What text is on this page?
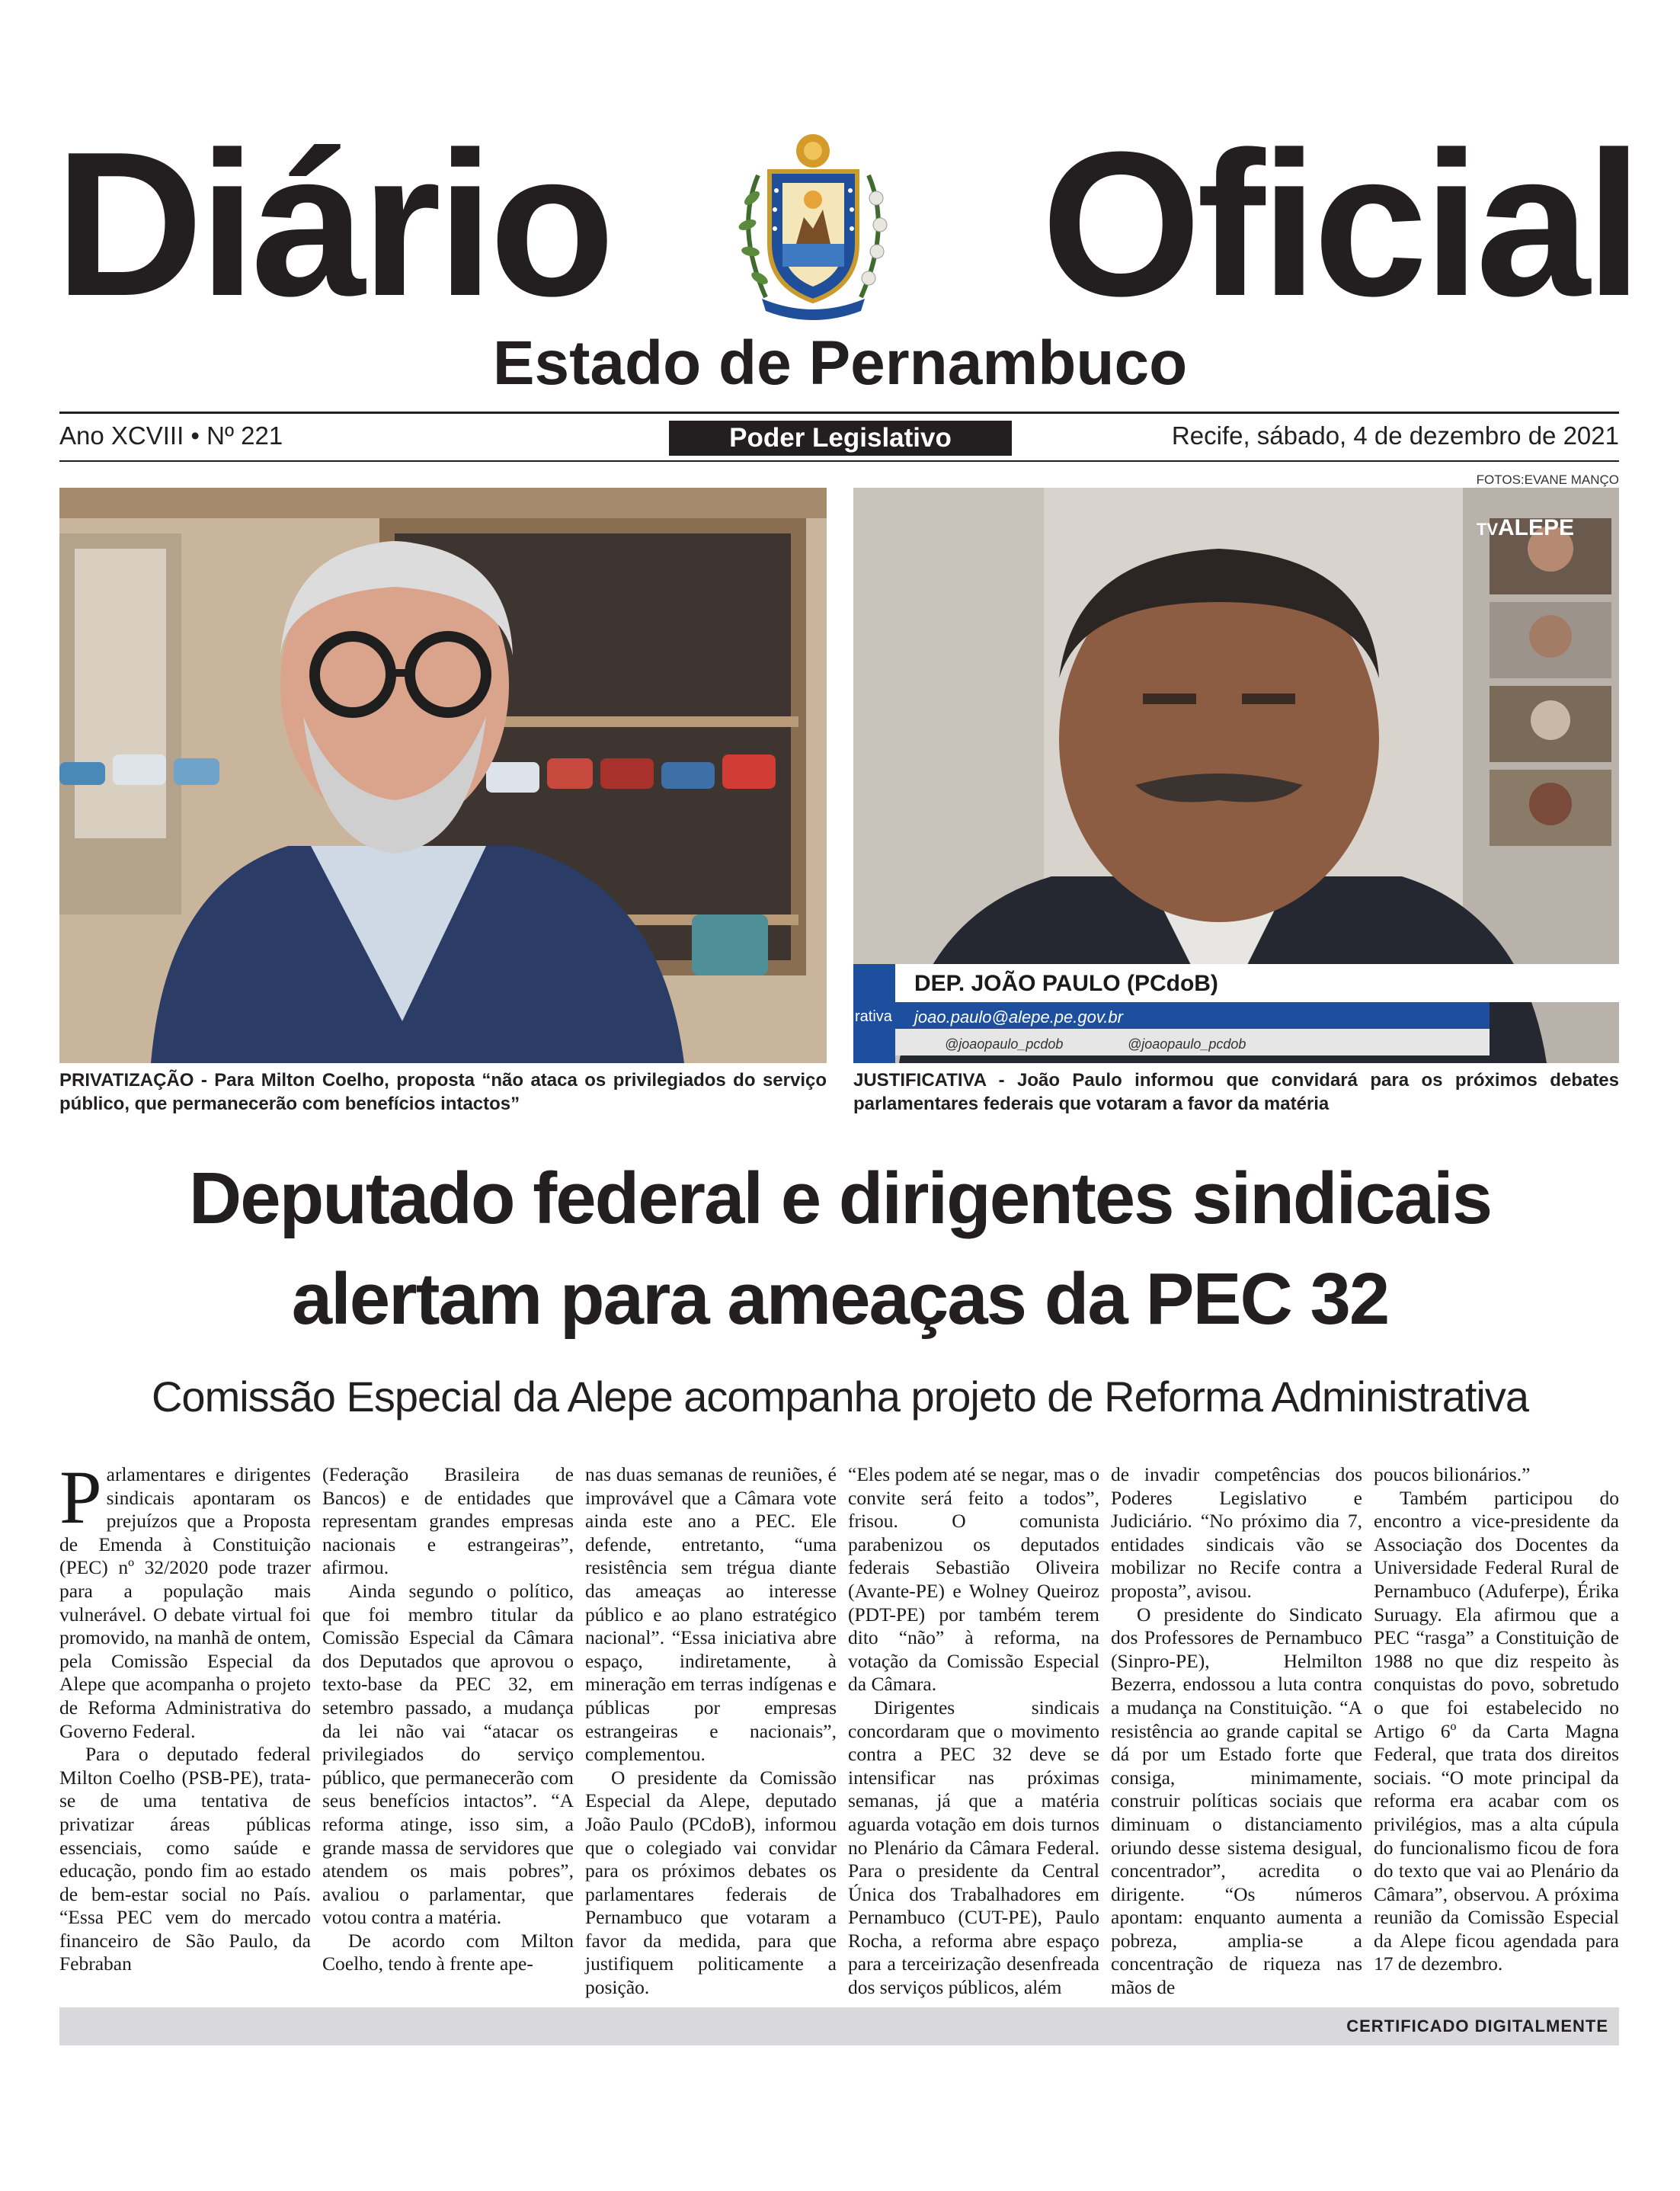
Diário	Oficial
Estado de Pernambuco
Ano XCVIII • Nº 221	Poder Legislativo	Recife, sábado, 4 de dezembro de 2021
FOTOS:EVANE MANÇO
DEP. JOÃO PAULO (PCdoB)
joao.paulo@alepe.pe.gov.br
@joaopaulo_pcdob	@joaopaulo_pcdob
rativa
TV ALEPE
PRIVATIZAÇÃO - Para Milton Coelho, proposta “não ataca os privilegiados do serviço público, que permanecerão com benefícios intactos”
JUSTIFICATIVA - João Paulo informou que convidará para os próximos debates parlamentares federais que votaram a favor da matéria
Deputado federal e dirigentes sindicais
alertam para ameaças da PEC 32
Comissão Especial da Alepe acompanha projeto de Reforma Administrativa

Parlamentares e dirigentes sindicais apontaram os prejuízos que a Proposta de Emenda à Constituição (PEC) nº 32/2020 pode trazer para a população mais vulnerável. O debate virtual foi promovido, na manhã de ontem, pela Comissão Especial da Alepe que acompanha o projeto de Reforma Administrativa do Governo Federal.

Para o deputado federal Milton Coelho (PSB-PE), trata-se de uma tentativa de privatizar áreas públicas essenciais, como saúde e educação, pondo fim ao estado de bem-estar social no País. “Essa PEC vem do mercado financeiro de São Paulo, da Febraban

(Federação Brasileira de Bancos) e de entidades que representam grandes empresas nacionais e estrangeiras”, afirmou.

Ainda segundo o político, que foi membro titular da Comissão Especial da Câmara dos Deputados que aprovou o texto-base da PEC 32, em setembro passado, a mudança da lei não vai “atacar os privilegiados do serviço público, que permanecerão com seus benefícios intactos”. “A reforma atinge, isso sim, a grande massa de servidores que atendem os mais pobres”, avaliou o parlamentar, que votou contra a matéria.

De acordo com Milton Coelho, tendo à frente ape-

nas duas semanas de reuniões, é improvável que a Câmara vote ainda este ano a PEC. Ele defende, entretanto, “uma resistência sem trégua diante das ameaças ao interesse público e ao plano estratégico nacional”. “Essa iniciativa abre espaço, indiretamente, à mineração em terras indígenas e públicas por empresas estrangeiras e nacionais”, complementou.

O presidente da Comissão Especial da Alepe, deputado João Paulo (PCdoB), informou que o colegiado vai convidar para os próximos debates os parlamentares federais de Pernambuco que votaram a favor da medida, para que justifiquem politicamente a posição.

“Eles podem até se negar, mas o convite será feito a todos”, frisou. O comunista parabenizou os deputados federais Sebastião Oliveira (Avante-PE) e Wolney Queiroz (PDT-PE) por também terem dito “não” à reforma, na votação da Comissão Especial da Câmara.

Dirigentes sindicais concordaram que o movimento contra a PEC 32 deve se intensificar nas próximas semanas, já que a matéria aguarda votação em dois turnos no Plenário da Câmara Federal. Para o presidente da Central Única dos Trabalhadores em Pernambuco (CUT-PE), Paulo Rocha, a reforma abre espaço para a terceirização desenfreada dos serviços públicos, além

de invadir competências dos Poderes Legislativo e Judiciário. “No próximo dia 7, entidades sindicais vão se mobilizar no Recife contra a proposta”, avisou.

O presidente do Sindicato dos Professores de Pernambuco (Sinpro-PE), Helmilton Bezerra, endossou a luta contra a mudança na Constituição. “A resistência ao grande capital se dá por um Estado forte que consiga, minimamente, construir políticas sociais que diminuam o distanciamento oriundo desse sistema desigual, concentrador”, acredita o dirigente. “Os números apontam: enquanto aumenta a pobreza, amplia-se a concentração de riqueza nas mãos de

poucos bilionários.”

Também participou do encontro a vice-presidente da Associação dos Docentes da Universidade Federal Rural de Pernambuco (Aduferpe), Érika Suruagy. Ela afirmou que a PEC “rasga” a Constituição de 1988 no que diz respeito às conquistas do povo, sobretudo o que foi estabelecido no Artigo 6º da Carta Magna Federal, que trata dos direitos sociais. “O mote principal da reforma era acabar com os privilégios, mas a alta cúpula do funcionalismo ficou de fora do texto que vai ao Plenário da Câmara”, observou. A próxima reunião da Comissão Especial da Alepe ficou agendada para 17 de dezembro.

CERTIFICADO DIGITALMENTE
